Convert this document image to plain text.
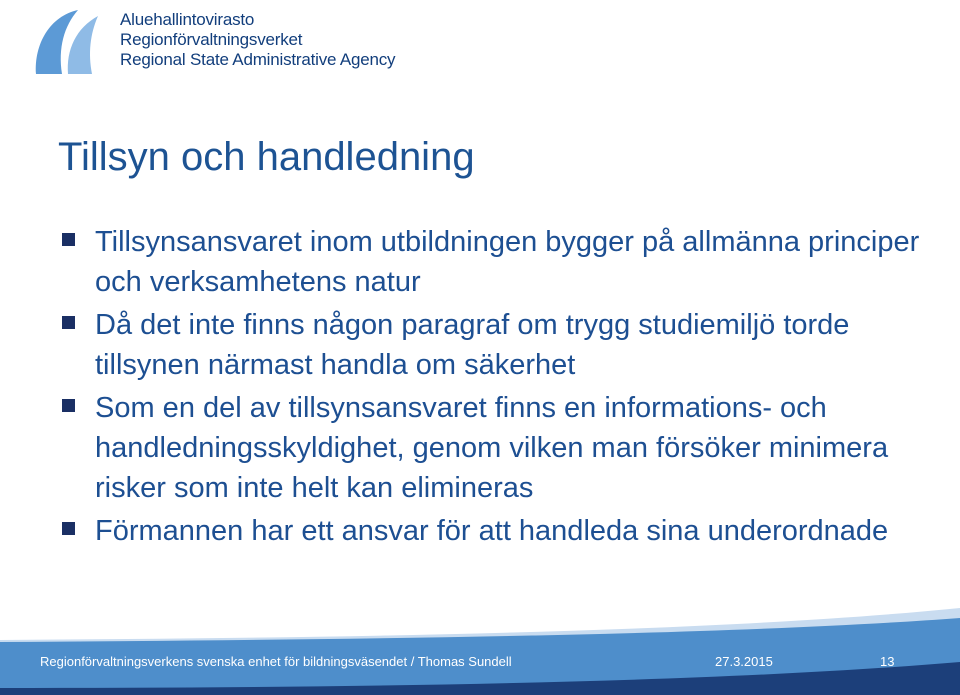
Aluehallintovirasto
Regionförvaltningsverket
Regional State Administrative Agency
Tillsyn och handledning
Tillsynsansvaret inom utbildningen bygger på allmänna principer och verksamhetens natur
Då det inte finns någon paragraf om trygg studiemiljö torde tillsynen närmast handla om säkerhet
Som en del av tillsynsansvaret finns en informations- och handledningsskyldighet, genom vilken man försöker minimera risker som inte helt kan elimineras
Förmannen har ett ansvar för att handleda sina underordnade
Regionförvaltningsverkens svenska enhet för bildningsväsendet / Thomas Sundell	27.3.2015	13
